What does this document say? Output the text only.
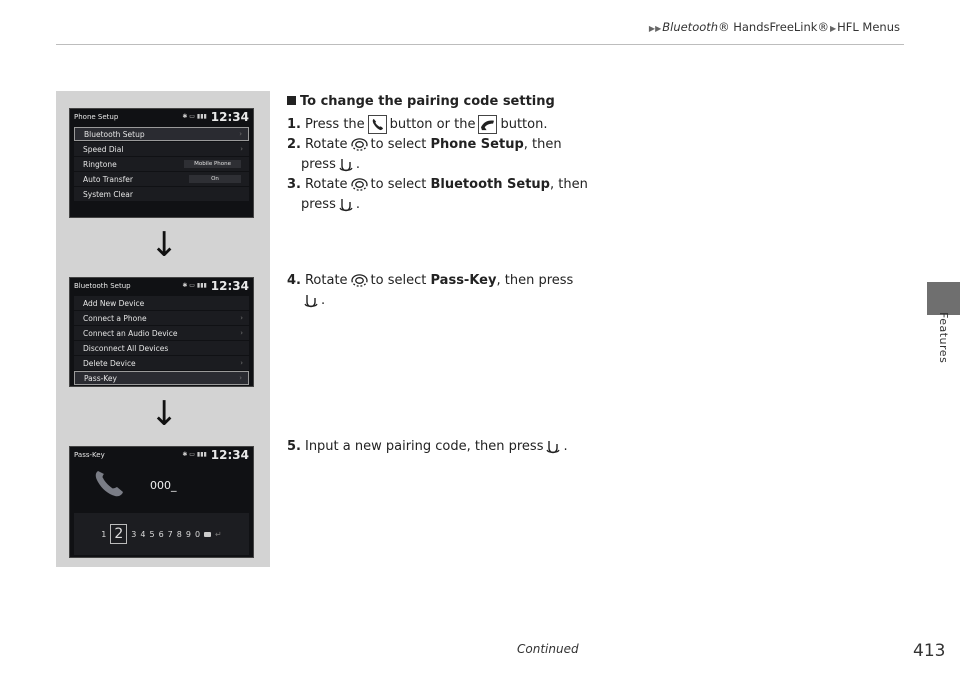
▶▶Bluetooth® HandsFreeLink®▶HFL Menus
Features
Phone Setup	✱ ▭ ▮▮▮ 12:34
Bluetooth Setup	›
Speed Dial	›
Ringtone	Mobile Phone
Auto Transfer	On
System Clear
↓
Bluetooth Setup	✱ ▭ ▮▮▮ 12:34
Add New Device
Connect a Phone	›
Connect an Audio Device	›
Disconnect All Devices
Delete Device	›
Pass-Key	›
↓
Pass-Key	✱ ▭ ▮▮▮ 12:34
000_
1 2	3 4 5 6 7 8 9 0 ↵
To change the pairing code setting
1. Press the button or the button.
2. Rotate to select
Phone Setup , then
press .
3. Rotate to select
Bluetooth Setup , then
press .
4. Rotate to select
Pass-Key , then press
.
5. Input a new pairing code, then press .
Continued	413
